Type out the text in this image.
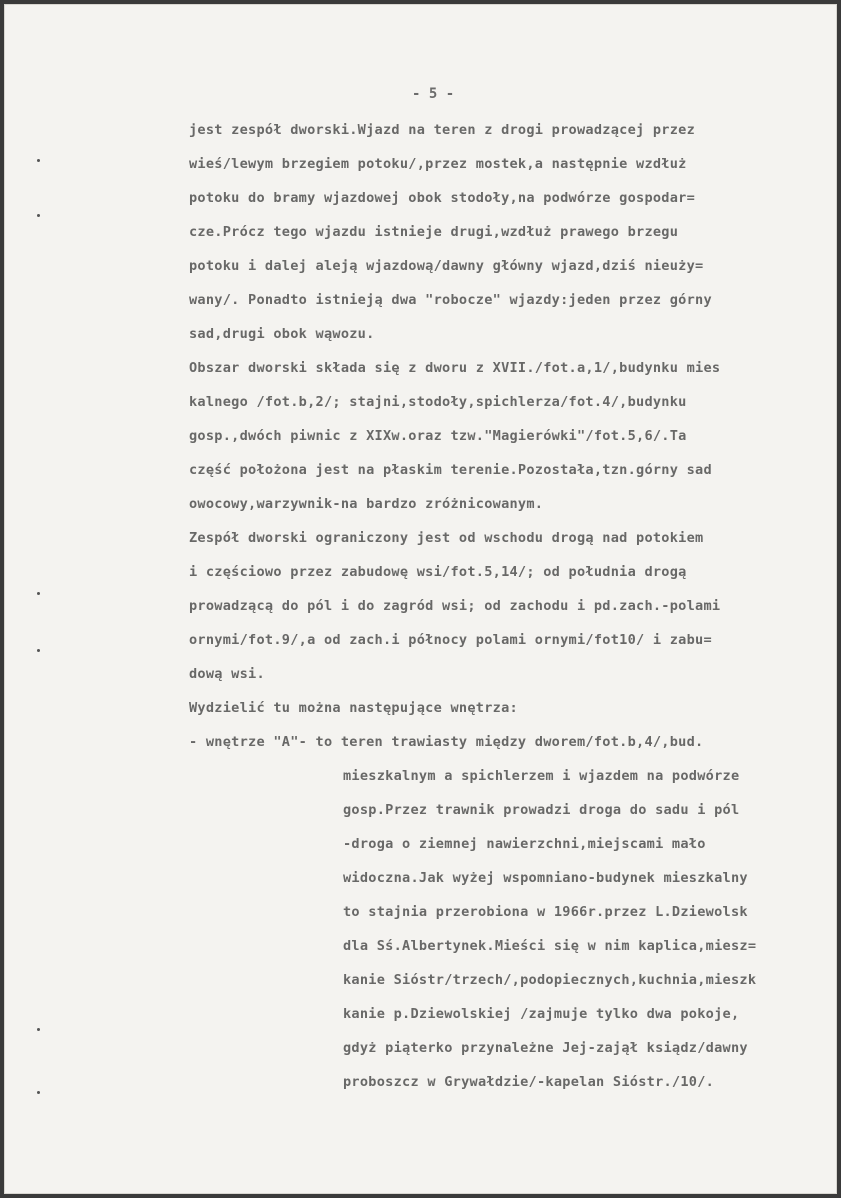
- 5 -
jest zespół dworski.Wjazd na teren z drogi prowadzącej przez
wieś/lewym brzegiem potoku/,przez mostek,a następnie wzdłuż
potoku do bramy wjazdowej obok stodoły,na podwórze gospodar=
cze.Prócz tego wjazdu istnieje drugi,wzdłuż prawego brzegu
potoku i dalej aleją wjazdową/dawny główny wjazd,dziś nieuży=
wany/. Ponadto istnieją dwa "robocze" wjazdy:jeden przez górny
sad,drugi obok wąwozu.
Obszar dworski składa się z dworu z XVII./fot.a,1/,budynku mies
kalnego /fot.b,2/; stajni,stodoły,spichlerza/fot.4/,budynku
gosp.,dwóch piwnic z XIXw.oraz tzw."Magierówki"/fot.5,6/.Ta
część położona jest na płaskim terenie.Pozostała,tzn.górny sad
owocowy,warzywnik-na bardzo zróżnicowanym.
Zespół dworski ograniczony jest od wschodu drogą nad potokiem
i częściowo przez zabudowę wsi/fot.5,14/; od południa drogą
prowadzącą do pól i do zagród wsi; od zachodu i pd.zach.-polami
ornymi/fot.9/,a od zach.i północy polami ornymi/fot10/ i zabu=
dową wsi.
Wydzielić tu można następujące wnętrza:
- wnętrze "A"- to teren trawiasty między dworem/fot.b,4/,bud.
mieszkalnym a spichlerzem i wjazdem na podwórze
gosp.Przez trawnik prowadzi droga do sadu i pól
-droga o ziemnej nawierzchni,miejscami mało
widoczna.Jak wyżej wspomniano-budynek mieszkalny
to stajnia przerobiona w 1966r.przez L.Dziewolsk
dla Sś.Albertynek.Mieści się w nim kaplica,miesz=
kanie Sióstr/trzech/,podopiecznych,kuchnia,mieszk
kanie p.Dziewolskiej /zajmuje tylko dwa pokoje,
gdyż piąterko przynależne Jej-zajął ksiądz/dawny
proboszcz w Grywałdzie/-kapelan Sióstr./10/.
